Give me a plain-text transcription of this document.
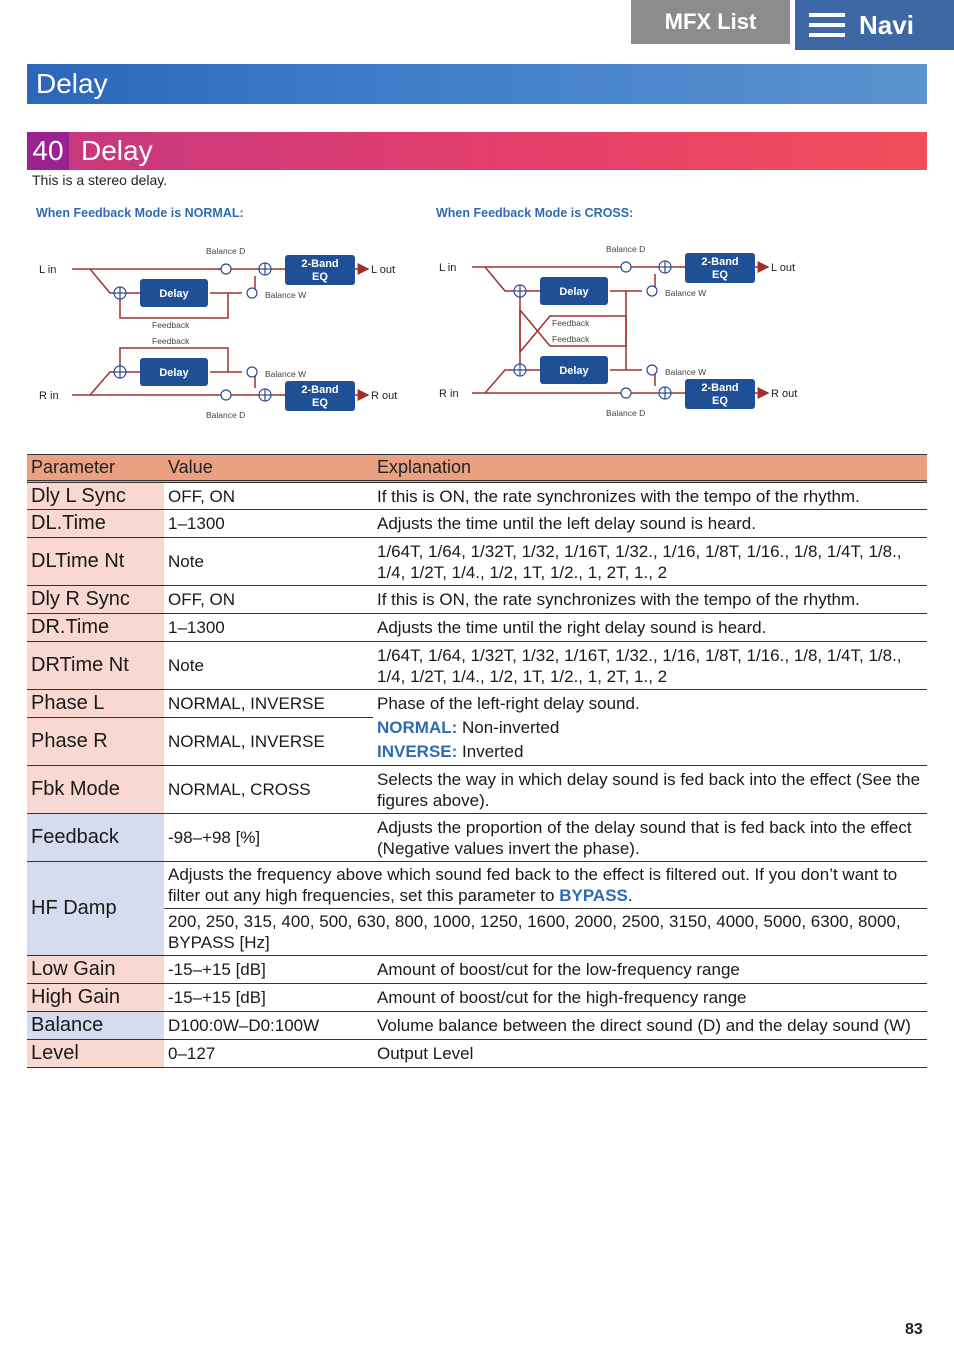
MFX List	Navi
Delay
40 Delay
This is a stereo delay.
When Feedback Mode is NORMAL:	When Feedback Mode is CROSS:
L in
R in
L out
R out
Delay
Delay
2-Band
EQ
2-Band
EQ
Balance D
Balance W
Balance W
Balance D
Feedback
Feedback
L in
R in
L out
R out
Delay
Delay
2-Band
EQ
2-Band
EQ
Balance D
Balance W
Balance W
Balance D
Feedback
Feedback
Parameter	Value	Explanation
Dly L Sync	OFF, ON	If this is ON, the rate synchronizes with the tempo of the rhythm.
DL.Time	1–1300	Adjusts the time until the left delay sound is heard.
DLTime Nt	Note	1/64T, 1/64, 1/32T, 1/32, 1/16T, 1/32., 1/16, 1/8T, 1/16., 1/8, 1/4T, 1/8., 1/4, 1/2T, 1/4., 1/2, 1T, 1/2., 1, 2T, 1., 2
Dly R Sync	OFF, ON	If this is ON, the rate synchronizes with the tempo of the rhythm.
DR.Time	1–1300	Adjusts the time until the right delay sound is heard.
DRTime Nt	Note	1/64T, 1/64, 1/32T, 1/32, 1/16T, 1/32., 1/16, 1/8T, 1/16., 1/8, 1/4T, 1/8., 1/4, 1/2T, 1/4., 1/2, 1T, 1/2., 1, 2T, 1., 2
Phase L	NORMAL, INVERSE	Phase of the left-right delay sound.
NORMAL: Non-inverted
INVERSE: Inverted

Phase R	NORMAL, INVERSE	
Fbk Mode	NORMAL, CROSS	Selects the way in which delay sound is fed back into the effect (See the figures above).
Feedback	-98–+98 [%]	Adjusts the proportion of the delay sound that is fed back into the effect (Negative values invert the phase).
HF Damp	Adjusts the frequency above which sound fed back to the effect is filtered out. If you don’t want to filter out any high frequencies, set this parameter to BYPASS.	
	200, 250, 315, 400, 500, 630, 800, 1000, 1250, 1600, 2000, 2500, 3150, 4000, 5000, 6300, 8000, BYPASS [Hz]	
Low Gain	-15–+15 [dB]	Amount of boost/cut for the low-frequency range
High Gain	-15–+15 [dB]	Amount of boost/cut for the high-frequency range
Balance	D100:0W–D0:100W	Volume balance between the direct sound (D) and the delay sound (W)
Level	0–127	Output Level
83
